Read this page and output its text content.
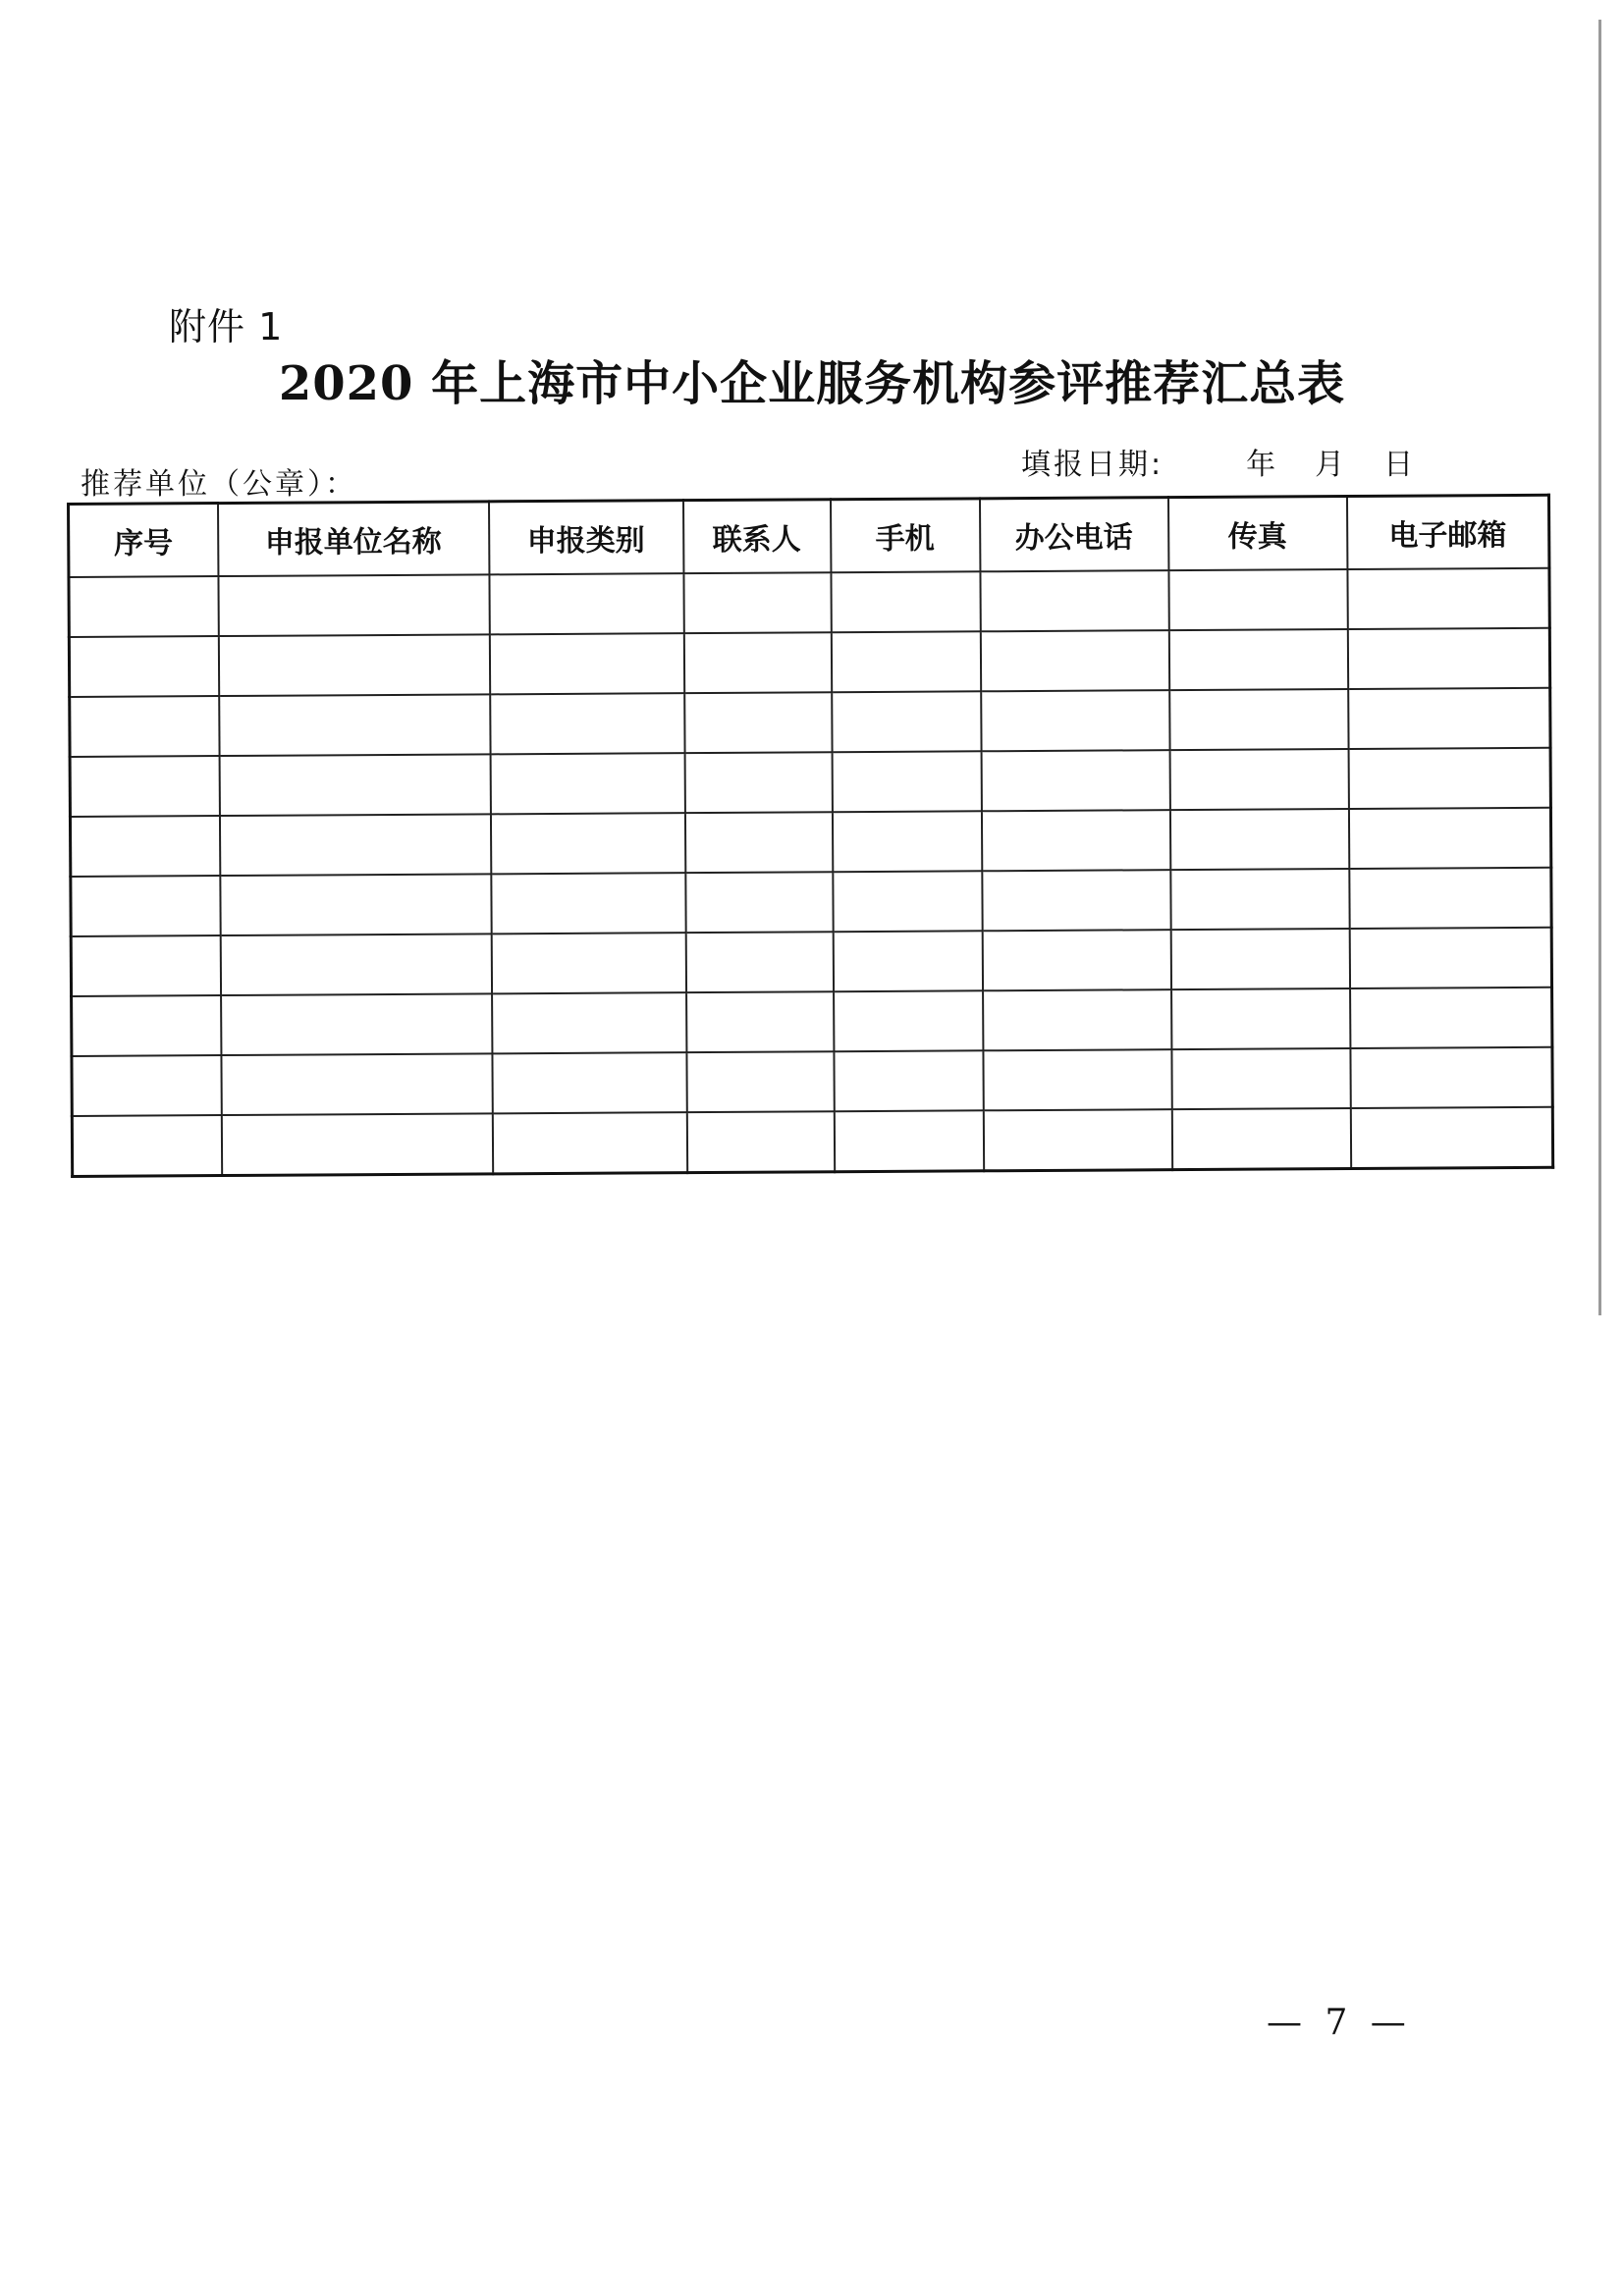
附件 1
2020 年上海市中小企业服务机构参评推荐汇总表
推荐单位（公章）：
填报日期:	年 月 日
序号	申报单位名称	申报类别	联系人	手机	办公电话	传真	电子邮箱

— 7 —
